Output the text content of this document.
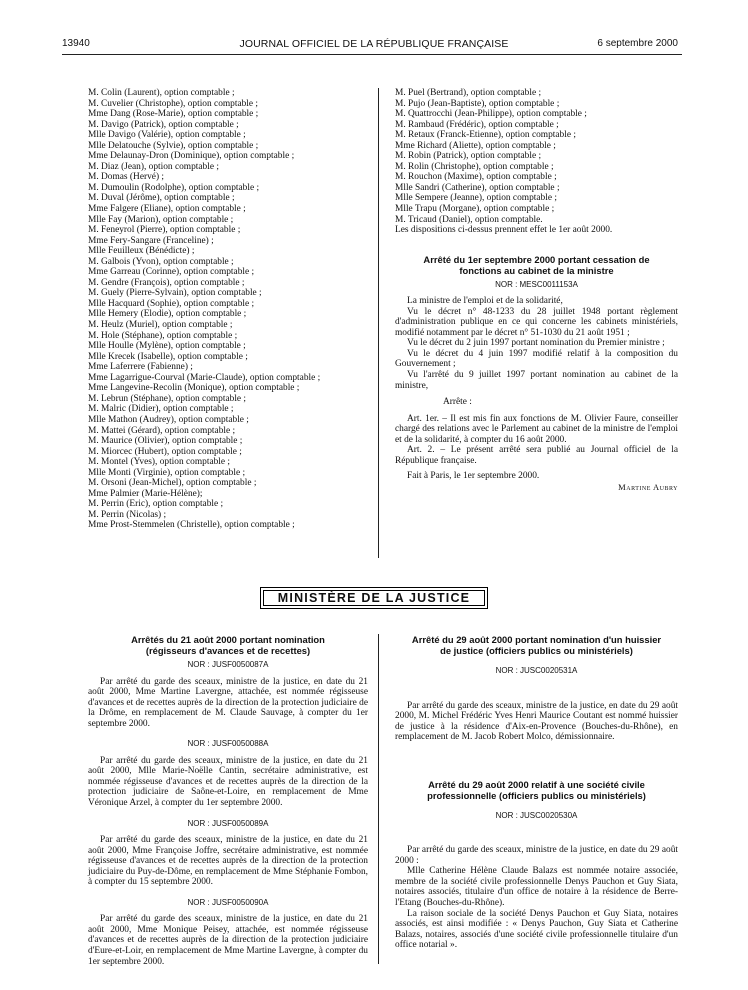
13940	JOURNAL OFFICIEL DE LA RÉPUBLIQUE FRANÇAISE	6 septembre 2000

M. Colin (Laurent), option comptable ;

M. Cuvelier (Christophe), option comptable ;

Mme Dang (Rose-Marie), option comptable ;

M. Davigo (Patrick), option comptable ;

Mlle Davigo (Valérie), option comptable ;

Mlle Delatouche (Sylvie), option comptable ;

Mme Delaunay-Dron (Dominique), option comptable ;

M. Diaz (Jean), option comptable ;

M. Domas (Hervé) ;

M. Dumoulin (Rodolphe), option comptable ;

M. Duval (Jérôme), option comptable ;

Mme Falgere (Eliane), option comptable ;

Mlle Fay (Marion), option comptable ;

M. Feneyrol (Pierre), option comptable ;

Mme Fery-Sangare (Franceline) ;

Mlle Feuilleux (Bénédicte) ;

M. Galbois (Yvon), option comptable ;

Mme Garreau (Corinne), option comptable ;

M. Gendre (François), option comptable ;

M. Guely (Pierre-Sylvain), option comptable ;

Mlle Hacquard (Sophie), option comptable ;

Mlle Hemery (Elodie), option comptable ;

M. Heulz (Muriel), option comptable ;

M. Hole (Stéphane), option comptable ;

Mlle Houlle (Mylène), option comptable ;

Mlle Krecek (Isabelle), option comptable ;

Mme Laferrere (Fabienne) ;

Mme Lagarrigue-Courval (Marie-Claude), option comptable ;

Mme Langevine-Recolin (Monique), option comptable ;

M. Lebrun (Stéphane), option comptable ;

M. Malric (Didier), option comptable ;

Mlle Mathon (Audrey), option comptable ;

M. Mattei (Gérard), option comptable ;

M. Maurice (Olivier), option comptable ;

M. Miorcec (Hubert), option comptable ;

M. Montel (Yves), option comptable ;

Mlle Monti (Virginie), option comptable ;

M. Orsoni (Jean-Michel), option comptable ;

Mme Palmier (Marie-Hélène);

M. Perrin (Eric), option comptable ;

M. Perrin (Nicolas) ;

Mme Prost-Stemmelen (Christelle), option comptable ;

M. Puel (Bertrand), option comptable ;

M. Pujo (Jean-Baptiste), option comptable ;

M. Quattrocchi (Jean-Philippe), option comptable ;

M. Rambaud (Frédéric), option comptable ;

M. Retaux (Franck-Etienne), option comptable ;

Mme Richard (Aliette), option comptable ;

M. Robin (Patrick), option comptable ;

M. Rolin (Christophe), option comptable ;

M. Rouchon (Maxime), option comptable ;

Mlle Sandri (Catherine), option comptable ;

Mlle Sempere (Jeanne), option comptable ;

Mlle Trapu (Morgane), option comptable ;

M. Tricaud (Daniel), option comptable.

Les dispositions ci-dessus prennent effet le 1er août 2000.

Arrêté du 1er septembre 2000 portant cessation de fonctions au cabinet de la ministre

NOR : MESC0011153A

La ministre de l'emploi et de la solidarité,

Vu le décret n° 48-1233 du 28 juillet 1948 portant règlement d'administration publique en ce qui concerne les cabinets ministériels, modifié notamment par le décret n° 51-1030 du 21 août 1951 ;

Vu le décret du 2 juin 1997 portant nomination du Premier ministre ;

Vu le décret du 4 juin 1997 modifié relatif à la composition du Gouvernement ;

Vu l'arrêté du 9 juillet 1997 portant nomination au cabinet de la ministre,

Arrête :

Art. 1er. – Il est mis fin aux fonctions de M. Olivier Faure, conseiller chargé des relations avec le Parlement au cabinet de la ministre de l'emploi et de la solidarité, à compter du 16 août 2000.

Art. 2. – Le présent arrêté sera publié au Journal officiel de la République française.

Fait à Paris, le 1er septembre 2000.

Martine Aubry

MINISTÈRE DE LA JUSTICE

Arrêtés du 21 août 2000 portant nomination (régisseurs d'avances et de recettes)

NOR : JUSF0050087A

Par arrêté du garde des sceaux, ministre de la justice, en date du 21 août 2000, Mme Martine Lavergne, attachée, est nommée régisseuse d'avances et de recettes auprès de la direction de la protection judiciaire de la Drôme, en remplacement de M. Claude Sauvage, à compter du 1er septembre 2000.

NOR : JUSF0050088A

Par arrêté du garde des sceaux, ministre de la justice, en date du 21 août 2000, Mlle Marie-Noëlle Cantin, secrétaire administrative, est nommée régisseuse d'avances et de recettes auprès de la direction de la protection judiciaire de Saône-et-Loire, en remplacement de Mme Véronique Arzel, à compter du 1er septembre 2000.

NOR : JUSF0050089A

Par arrêté du garde des sceaux, ministre de la justice, en date du 21 août 2000, Mme Françoise Joffre, secrétaire administrative, est nommée régisseuse d'avances et de recettes auprès de la direction de la protection judiciaire du Puy-de-Dôme, en remplacement de Mme Stéphanie Fombon, à compter du 15 septembre 2000.

NOR : JUSF0050090A

Par arrêté du garde des sceaux, ministre de la justice, en date du 21 août 2000, Mme Monique Peisey, attachée, est nommée régisseuse d'avances et de recettes auprès de la direction de la protection judiciaire d'Eure-et-Loir, en remplacement de Mme Martine Lavergne, à compter du 1er septembre 2000.

Arrêté du 29 août 2000 portant nomination d'un huissier de justice (officiers publics ou ministériels)

NOR : JUSC0020531A

Par arrêté du garde des sceaux, ministre de la justice, en date du 29 août 2000, M. Michel Frédéric Yves Henri Maurice Coutant est nommé huissier de justice à la résidence d'Aix-en-Provence (Bouches-du-Rhône), en remplacement de M. Jacob Robert Molco, démissionnaire.

Arrêté du 29 août 2000 relatif à une société civile professionnelle (officiers publics ou ministériels)

NOR : JUSC0020530A

Par arrêté du garde des sceaux, ministre de la justice, en date du 29 août 2000 :

Mlle Catherine Hélène Claude Balazs est nommée notaire associée, membre de la société civile professionnelle Denys Pauchon et Guy Siata, notaires associés, titulaire d'un office de notaire à la résidence de Berre-l'Etang (Bouches-du-Rhône).

La raison sociale de la société Denys Pauchon et Guy Siata, notaires associés, est ainsi modifiée : « Denys Pauchon, Guy Siata et Catherine Balazs, notaires, associés d'une société civile professionnelle titulaire d'un office notarial ».
